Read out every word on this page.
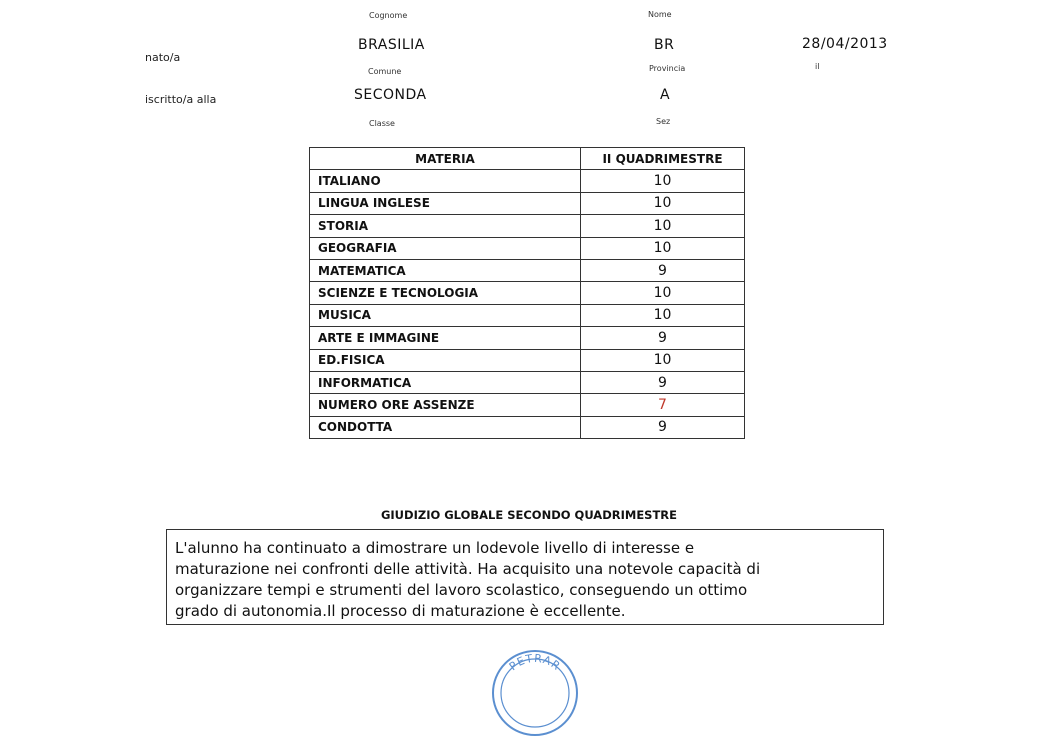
Cognome	Nome
nato/a
BRASILIA	BR	28/04/2013
Comune	Provincia	il
iscritto/a alla	SECONDA	A
Classe	Sez
MATERIA	II QUADRIMESTRE
ITALIANO	10
LINGUA INGLESE	10
STORIA	10
GEOGRAFIA	10
MATEMATICA	9
SCIENZE E TECNOLOGIA	10
MUSICA	10
ARTE E IMMAGINE	9
ED.FISICA	10
INFORMATICA	9
NUMERO ORE ASSENZE	7
CONDOTTA	9
GIUDIZIO GLOBALE SECONDO QUADRIMESTRE
L'alunno ha continuato a dimostrare un lodevole livello di interesse e
maturazione nei confronti delle attività. Ha acquisito una notevole capacità di
organizzare tempi e strumenti del lavoro scolastico, conseguendo un ottimo
grado di autonomia.Il processo di maturazione è eccellente.
PETRAR
